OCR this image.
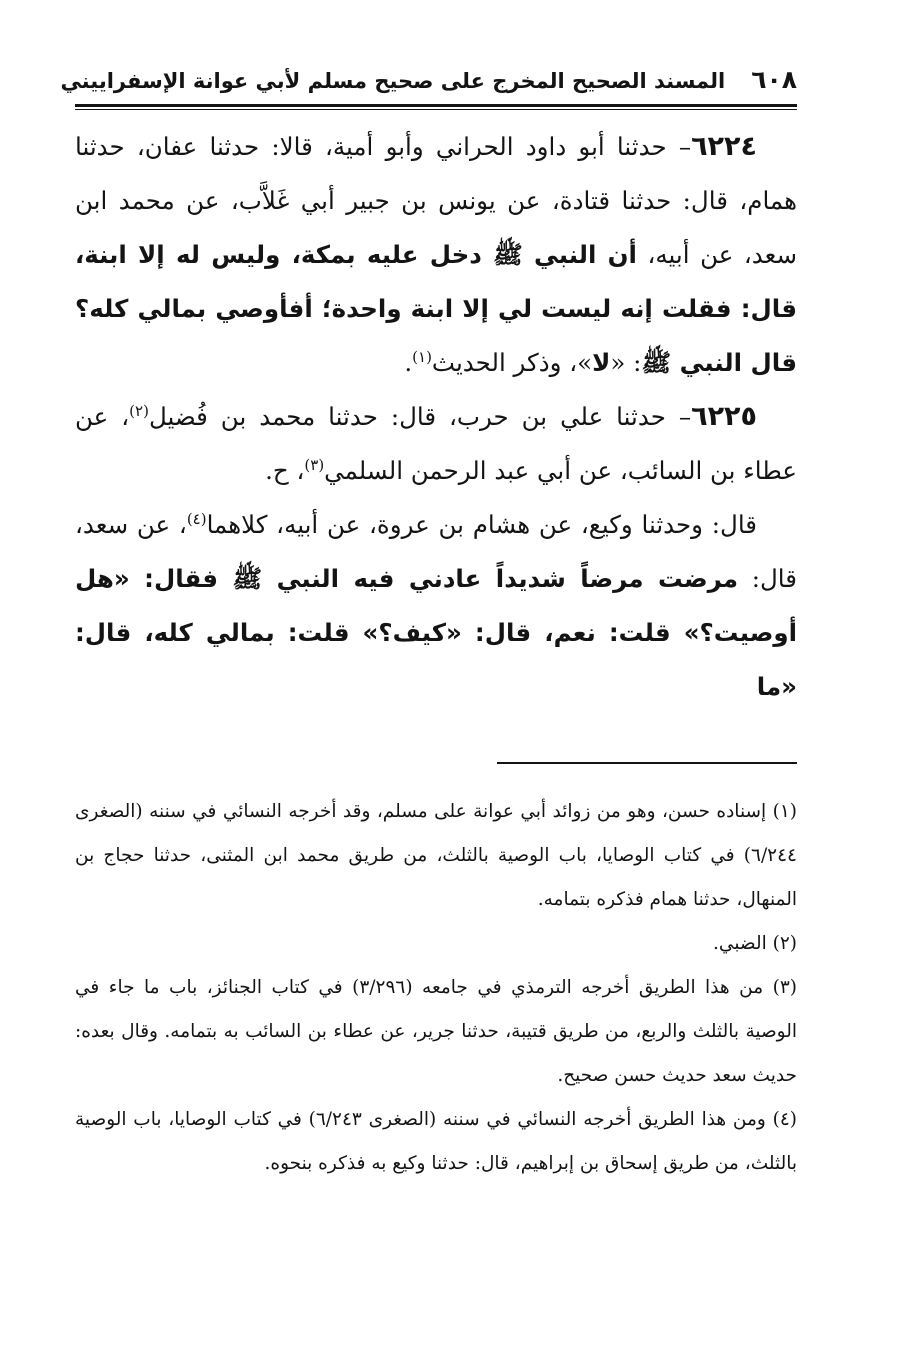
٦٠٨
المسند الصحيح المخرج على صحيح مسلم لأبي عوانة الإسفراييني

٦٢٢٤– حدثنا أبو داود الحراني وأبو أمية، قالا: حدثنا عفان، حدثنا همام، قال: حدثنا قتادة، عن يونس بن جبير أبي غَلاَّب، عن محمد ابن سعد، عن أبيه، أن النبي ﷺ دخل عليه بمكة، وليس له إلا ابنة، قال: فقلت إنه ليست لي إلا ابنة واحدة؛ أفأوصي بمالي كله؟ قال النبي ﷺ: «لا»، وذكر الحديث$^{(١)}$.

٦٢٢٥– حدثنا علي بن حرب، قال: حدثنا محمد بن فُضيل$^{(٢)}$، عن عطاء بن السائب، عن أبي عبد الرحمن السلمي$^{(٣)}$، ح.

قال: وحدثنا وكيع، عن هشام بن عروة، عن أبيه، كلاهما$^{(٤)}$، عن سعد، قال: مرضت مرضاً شديداً عادني فيه النبي ﷺ فقال: «هل أوصيت؟» قلت: نعم، قال: «كيف؟» قلت: بمالي كله، قال: «ما

(١) إسناده حسن، وهو من زوائد أبي عوانة على مسلم، وقد أخرجه النسائي في سننه (الصغرى ٦/٢٤٤) في كتاب الوصايا، باب الوصية بالثلث، من طريق محمد ابن المثنى، حدثنا حجاج بن المنهال، حدثنا همام فذكره بتمامه.

(٢) الضبي.

(٣) من هذا الطريق أخرجه الترمذي في جامعه (٣/٢٩٦) في كتاب الجنائز، باب ما جاء في الوصية بالثلث والربع، من طريق قتيبة، حدثنا جرير، عن عطاء بن السائب به بتمامه. وقال بعده: حديث سعد حديث حسن صحيح.

(٤) ومن هذا الطريق أخرجه النسائي في سننه (الصغرى ٦/٢٤٣) في كتاب الوصايا، باب الوصية بالثلث، من طريق إسحاق بن إبراهيم، قال: حدثنا وكيع به فذكره بنحوه.
